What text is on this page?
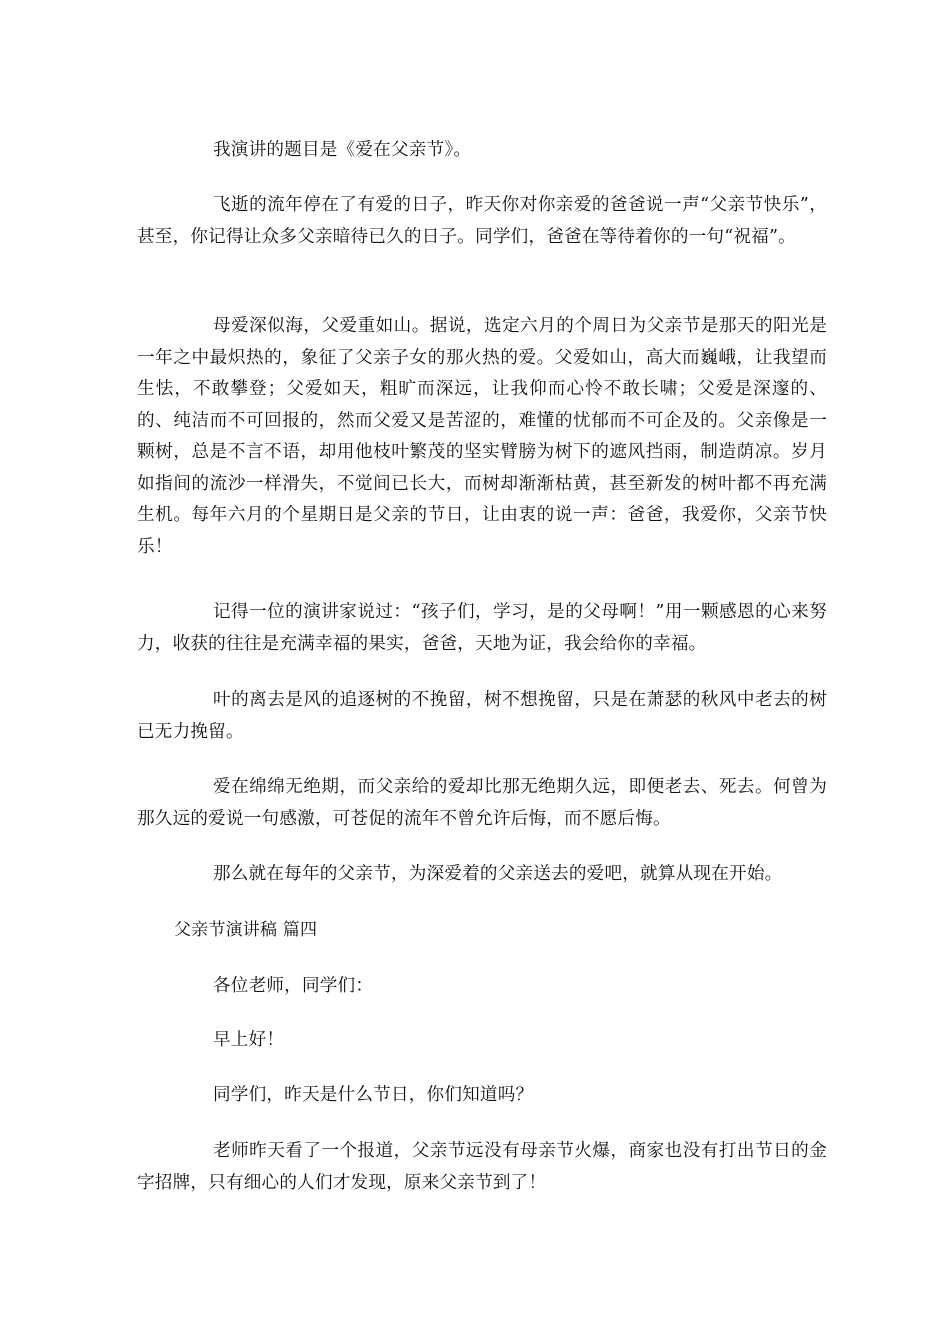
我演讲的题目是《爱在父亲节》。

飞逝的流年停在了有爱的日子，昨天你对你亲爱的爸爸说一声“父亲节快乐”，甚至，你记得让众多父亲暗待已久的日子。同学们，爸爸在等待着你的一句“祝福”。

母爱深似海，父爱重如山。据说，选定六月的个周日为父亲节是那天的阳光是一年之中最炽热的，象征了父亲子女的那火热的爱。父爱如山，高大而巍峨，让我望而生怯，不敢攀登；父爱如天，粗旷而深远，让我仰而心怜不敢长啸；父爱是深邃的、的、纯洁而不可回报的，然而父爱又是苦涩的，难懂的忧郁而不可企及的。父亲像是一颗树，总是不言不语，却用他枝叶繁茂的坚实臂膀为树下的遮风挡雨，制造荫凉。岁月如指间的流沙一样滑失，不觉间已长大，而树却渐渐枯黄，甚至新发的树叶都不再充满生机。每年六月的个星期日是父亲的节日，让由衷的说一声：爸爸，我爱你，父亲节快乐！

记得一位的演讲家说过：“孩子们，学习，是的父母啊！”用一颗感恩的心来努力，收获的往往是充满幸福的果实，爸爸，天地为证，我会给你的幸福。

叶的离去是风的追逐树的不挽留，树不想挽留，只是在萧瑟的秋风中老去的树已无力挽留。

爱在绵绵无绝期，而父亲给的爱却比那无绝期久远，即便老去、死去。何曾为那久远的爱说一句感激，可苍促的流年不曾允许后悔，而不愿后悔。

那么就在每年的父亲节，为深爱着的父亲送去的爱吧，就算从现在开始。

父亲节演讲稿 篇四

各位老师，同学们：

早上好！

同学们，昨天是什么节日，你们知道吗？

老师昨天看了一个报道，父亲节远没有母亲节火爆，商家也没有打出节日的金字招牌，只有细心的人们才发现，原来父亲节到了！
